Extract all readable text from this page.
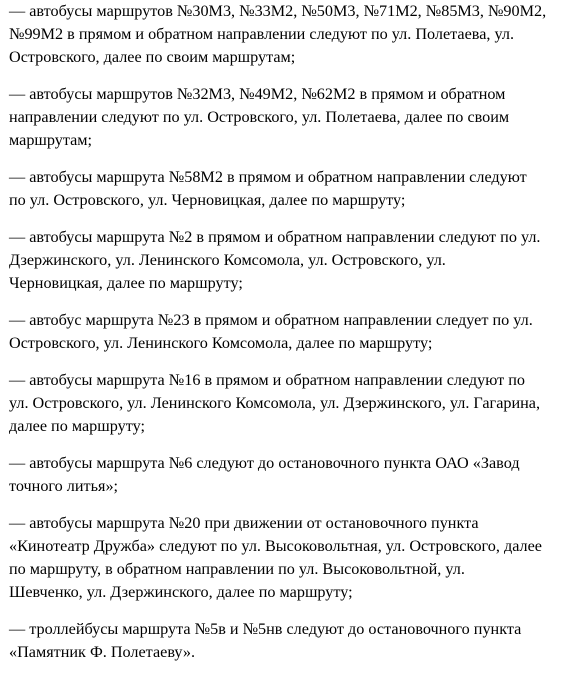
— автобусы маршрутов №30М3, №33М2, №50М3, №71М2, №85М3, №90М2,
№99М2 в прямом и обратном направлении следуют по ул. Полетаева, ул.
Островского, далее по своим маршрутам;

— автобусы маршрутов №32М3, №49М2, №62М2 в прямом и обратном
направлении следуют по ул. Островского, ул. Полетаева, далее по своим
маршрутам;

— автобусы маршрута №58М2 в прямом и обратном направлении следуют
по ул. Островского, ул. Черновицкая, далее по маршруту;

— автобусы маршрута №2 в прямом и обратном направлении следуют по ул.
Дзержинского, ул. Ленинского Комсомола, ул. Островского, ул.
Черновицкая, далее по маршруту;

— автобус маршрута №23 в прямом и обратном направлении следует по ул.
Островского, ул. Ленинского Комсомола, далее по маршруту;

— автобусы маршрута №16 в прямом и обратном направлении следуют по
ул. Островского, ул. Ленинского Комсомола, ул. Дзержинского, ул. Гагарина,
далее по маршруту;

— автобусы маршрута №6 следуют до остановочного пункта ОАО «Завод
точного литья»;

— автобусы маршрута №20 при движении от остановочного пункта
«Кинотеатр Дружба» следуют по ул. Высоковольтная, ул. Островского, далее
по маршруту, в обратном направлении по ул. Высоковольтной, ул.
Шевченко, ул. Дзержинского, далее по маршруту;

— троллейбусы маршрута №5в и №5нв следуют до остановочного пункта
«Памятник Ф. Полетаеву».
